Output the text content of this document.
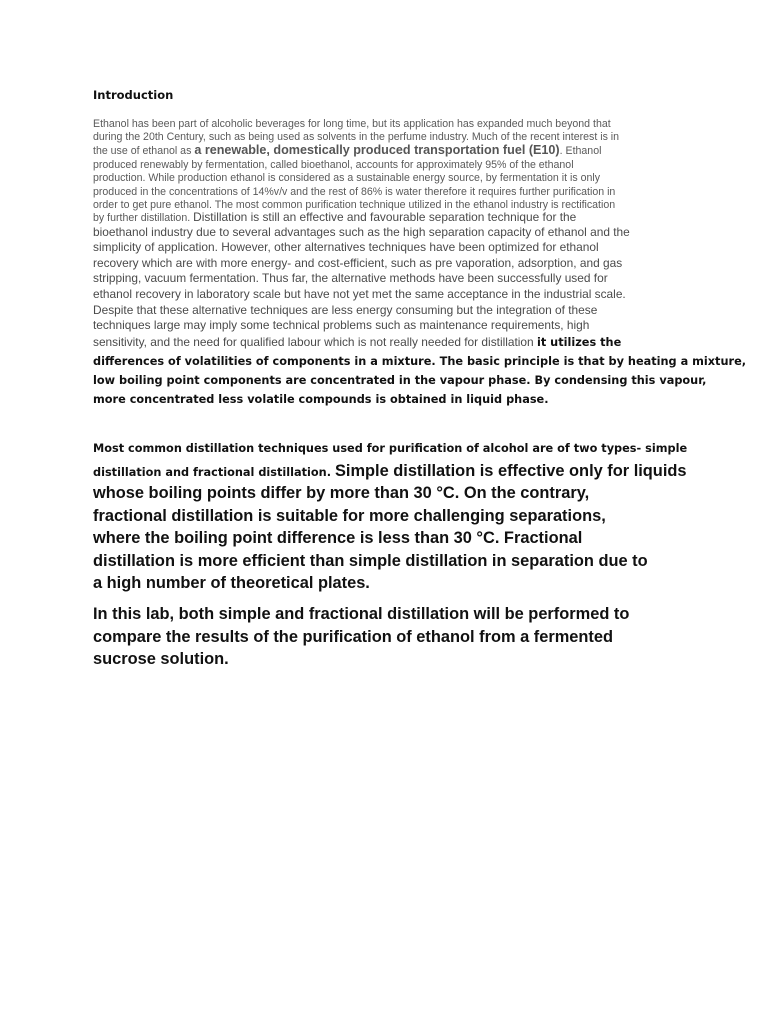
Introduction
Ethanol has been part of alcoholic beverages for long time, but its application has expanded much beyond that
during the 20th Century, such as being used as solvents in the perfume industry. Much of the recent interest is in
the use of ethanol as a renewable, domestically produced transportation fuel (E10). Ethanol
produced renewably by fermentation, called bioethanol, accounts for approximately 95% of the ethanol
production. While production ethanol is considered as a sustainable energy source, by fermentation it is only
produced in the concentrations of 14%v/v and the rest of 86% is water therefore it requires further purification in
order to get pure ethanol. The most common purification technique utilized in the ethanol industry is rectification
by further distillation. Distillation is still an effective and favourable separation technique for the
bioethanol industry due to several advantages such as the high separation capacity of ethanol and the
simplicity of application. However, other alternatives techniques have been optimized for ethanol
recovery which are with more energy- and cost-efficient, such as pre vaporation, adsorption, and gas
stripping, vacuum fermentation. Thus far, the alternative methods have been successfully used for
ethanol recovery in laboratory scale but have not yet met the same acceptance in the industrial scale.
Despite that these alternative techniques are less energy consuming but the integration of these
techniques large may imply some technical problems such as maintenance requirements, high
sensitivity, and the need for qualified labour which is not really needed for distillation it utilizes the
differences of volatilities of components in a mixture. The basic principle is that by heating a mixture,
low boiling point components are concentrated in the vapour phase. By condensing this vapour,
more concentrated less volatile compounds is obtained in liquid phase.
Most common distillation techniques used for purification of alcohol are of two types- simple
distillation and fractional distillation. Simple distillation is effective only for liquids
whose boiling points differ by more than 30 °C. On the contrary,
fractional distillation is suitable for more challenging separations,
where the boiling point difference is less than 30 °C. Fractional
distillation is more efficient than simple distillation in separation due to
a high number of theoretical plates.
In this lab, both simple and fractional distillation will be performed to
compare the results of the purification of ethanol from a fermented
sucrose solution.
